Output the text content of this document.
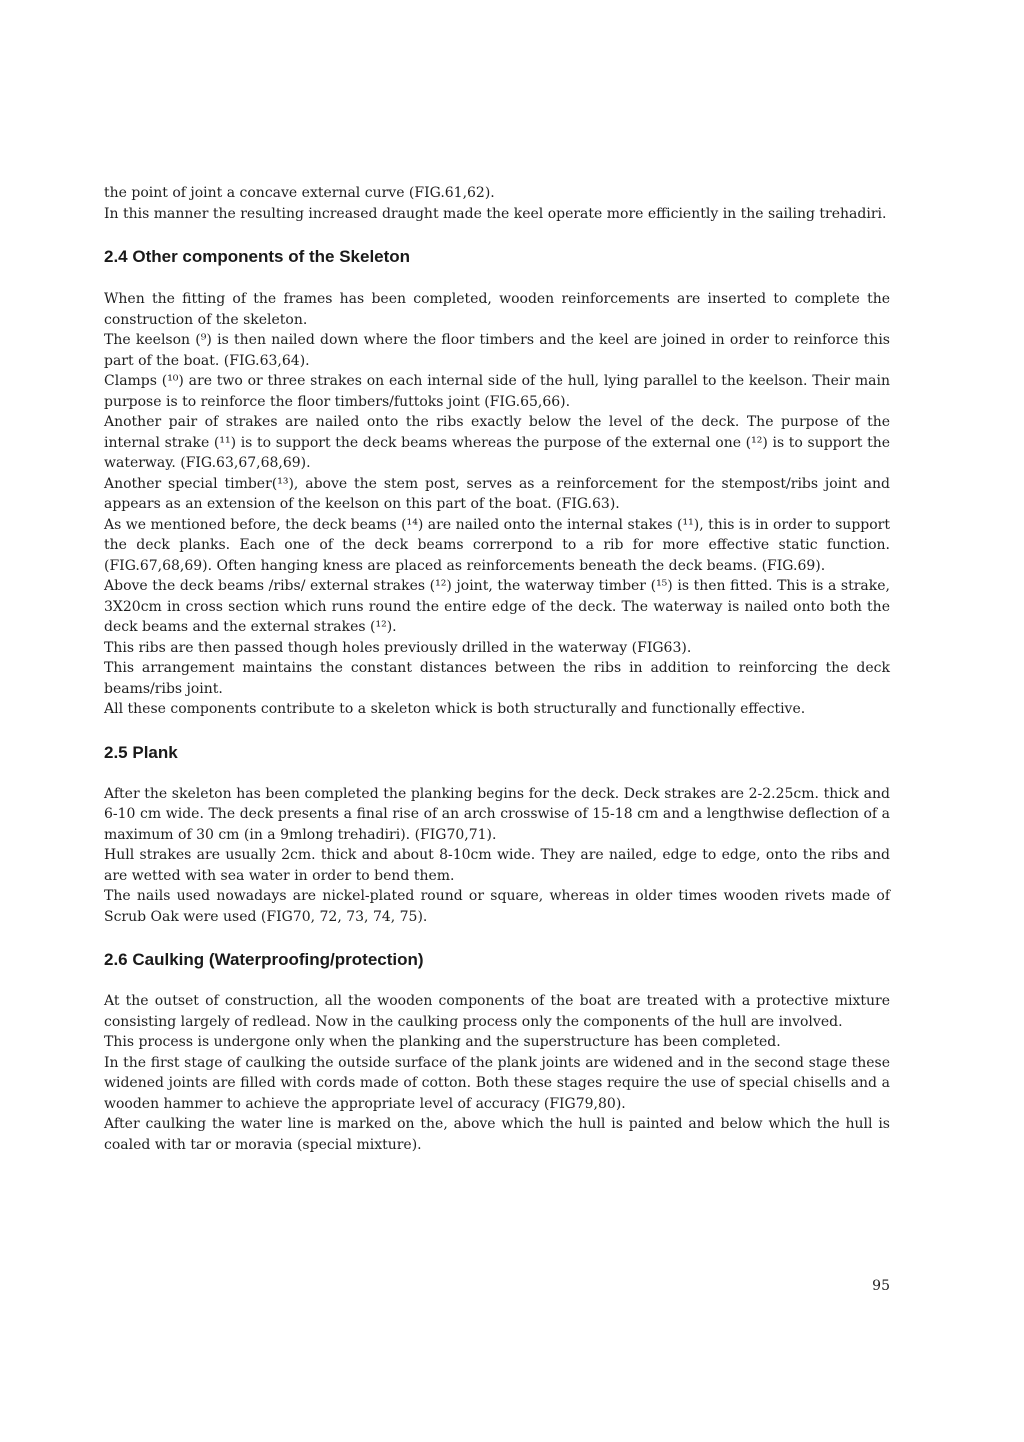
the point of joint a concave external curve (FIG.61,62).

In this manner the resulting increased draught made the keel operate more efficiently in the sailing trehadiri.

2.4 Other components of the Skeleton

When the fitting of the frames has been completed, wooden reinforcements are inserted to complete the construction of the skeleton.

The keelson (⁹) is then nailed down where the floor timbers and the keel are joined in order to reinforce this part of the boat. (FIG.63,64).

Clamps (¹⁰) are two or three strakes on each internal side of the hull, lying parallel to the keelson. Their main purpose is to reinforce the floor timbers/futtoks joint (FIG.65,66).

Another pair of strakes are nailed onto the ribs exactly below the level of the deck. The purpose of the internal strake (¹¹) is to support the deck beams whereas the purpose of the external one (¹²) is to support the waterway. (FIG.63,67,68,69).

Another special timber(¹³), above the stem post, serves as a reinforcement for the stempost/ribs joint and appears as an extension of the keelson on this part of the boat. (FIG.63).

As we mentioned before, the deck beams (¹⁴) are nailed onto the internal stakes (¹¹), this is in order to support the deck planks. Each one of the deck beams correrpond to a rib for more effective static function. (FIG.67,68,69). Often hanging kness are placed as reinforcements beneath the deck beams. (FIG.69).

Above the deck beams /ribs/ external strakes (¹²) joint, the waterway timber (¹⁵) is then fitted. This is a strake, 3X20cm in cross section which runs round the entire edge of the deck. The waterway is nailed onto both the deck beams and the external strakes (¹²).

This ribs are then passed though holes previously drilled in the waterway (FIG63).

This arrangement maintains the constant distances between the ribs in addition to reinforcing the deck beams/ribs joint.

All these components contribute to a skeleton whick is both structurally and functionally effective.

2.5 Plank

After the skeleton has been completed the planking begins for the deck. Deck strakes are 2-2.25cm. thick and 6-10 cm wide. The deck presents a final rise of an arch crosswise of 15-18 cm and a lengthwise deflection of a maximum of 30 cm (in a 9mlong trehadiri). (FIG70,71).

Hull strakes are usually 2cm. thick and about 8-10cm wide. They are nailed, edge to edge, onto the ribs and are wetted with sea water in order to bend them.

The nails used nowadays are nickel-plated round or square, whereas in older times wooden rivets made of Scrub Oak were used (FIG70, 72, 73, 74, 75).

2.6 Caulking (Waterproofing/protection)

At the outset of construction, all the wooden components of the boat are treated with a protective mixture consisting largely of redlead. Now in the caulking process only the components of the hull are involved.

This process is undergone only when the planking and the superstructure has been completed.

In the first stage of caulking the outside surface of the plank joints are widened and in the second stage these widened joints are filled with cords made of cotton. Both these stages require the use of special chisells and a wooden hammer to achieve the appropriate level of accuracy (FIG79,80).

After caulking the water line is marked on the, above which the hull is painted and below which the hull is coaled with tar or moravia (special mixture).

95
